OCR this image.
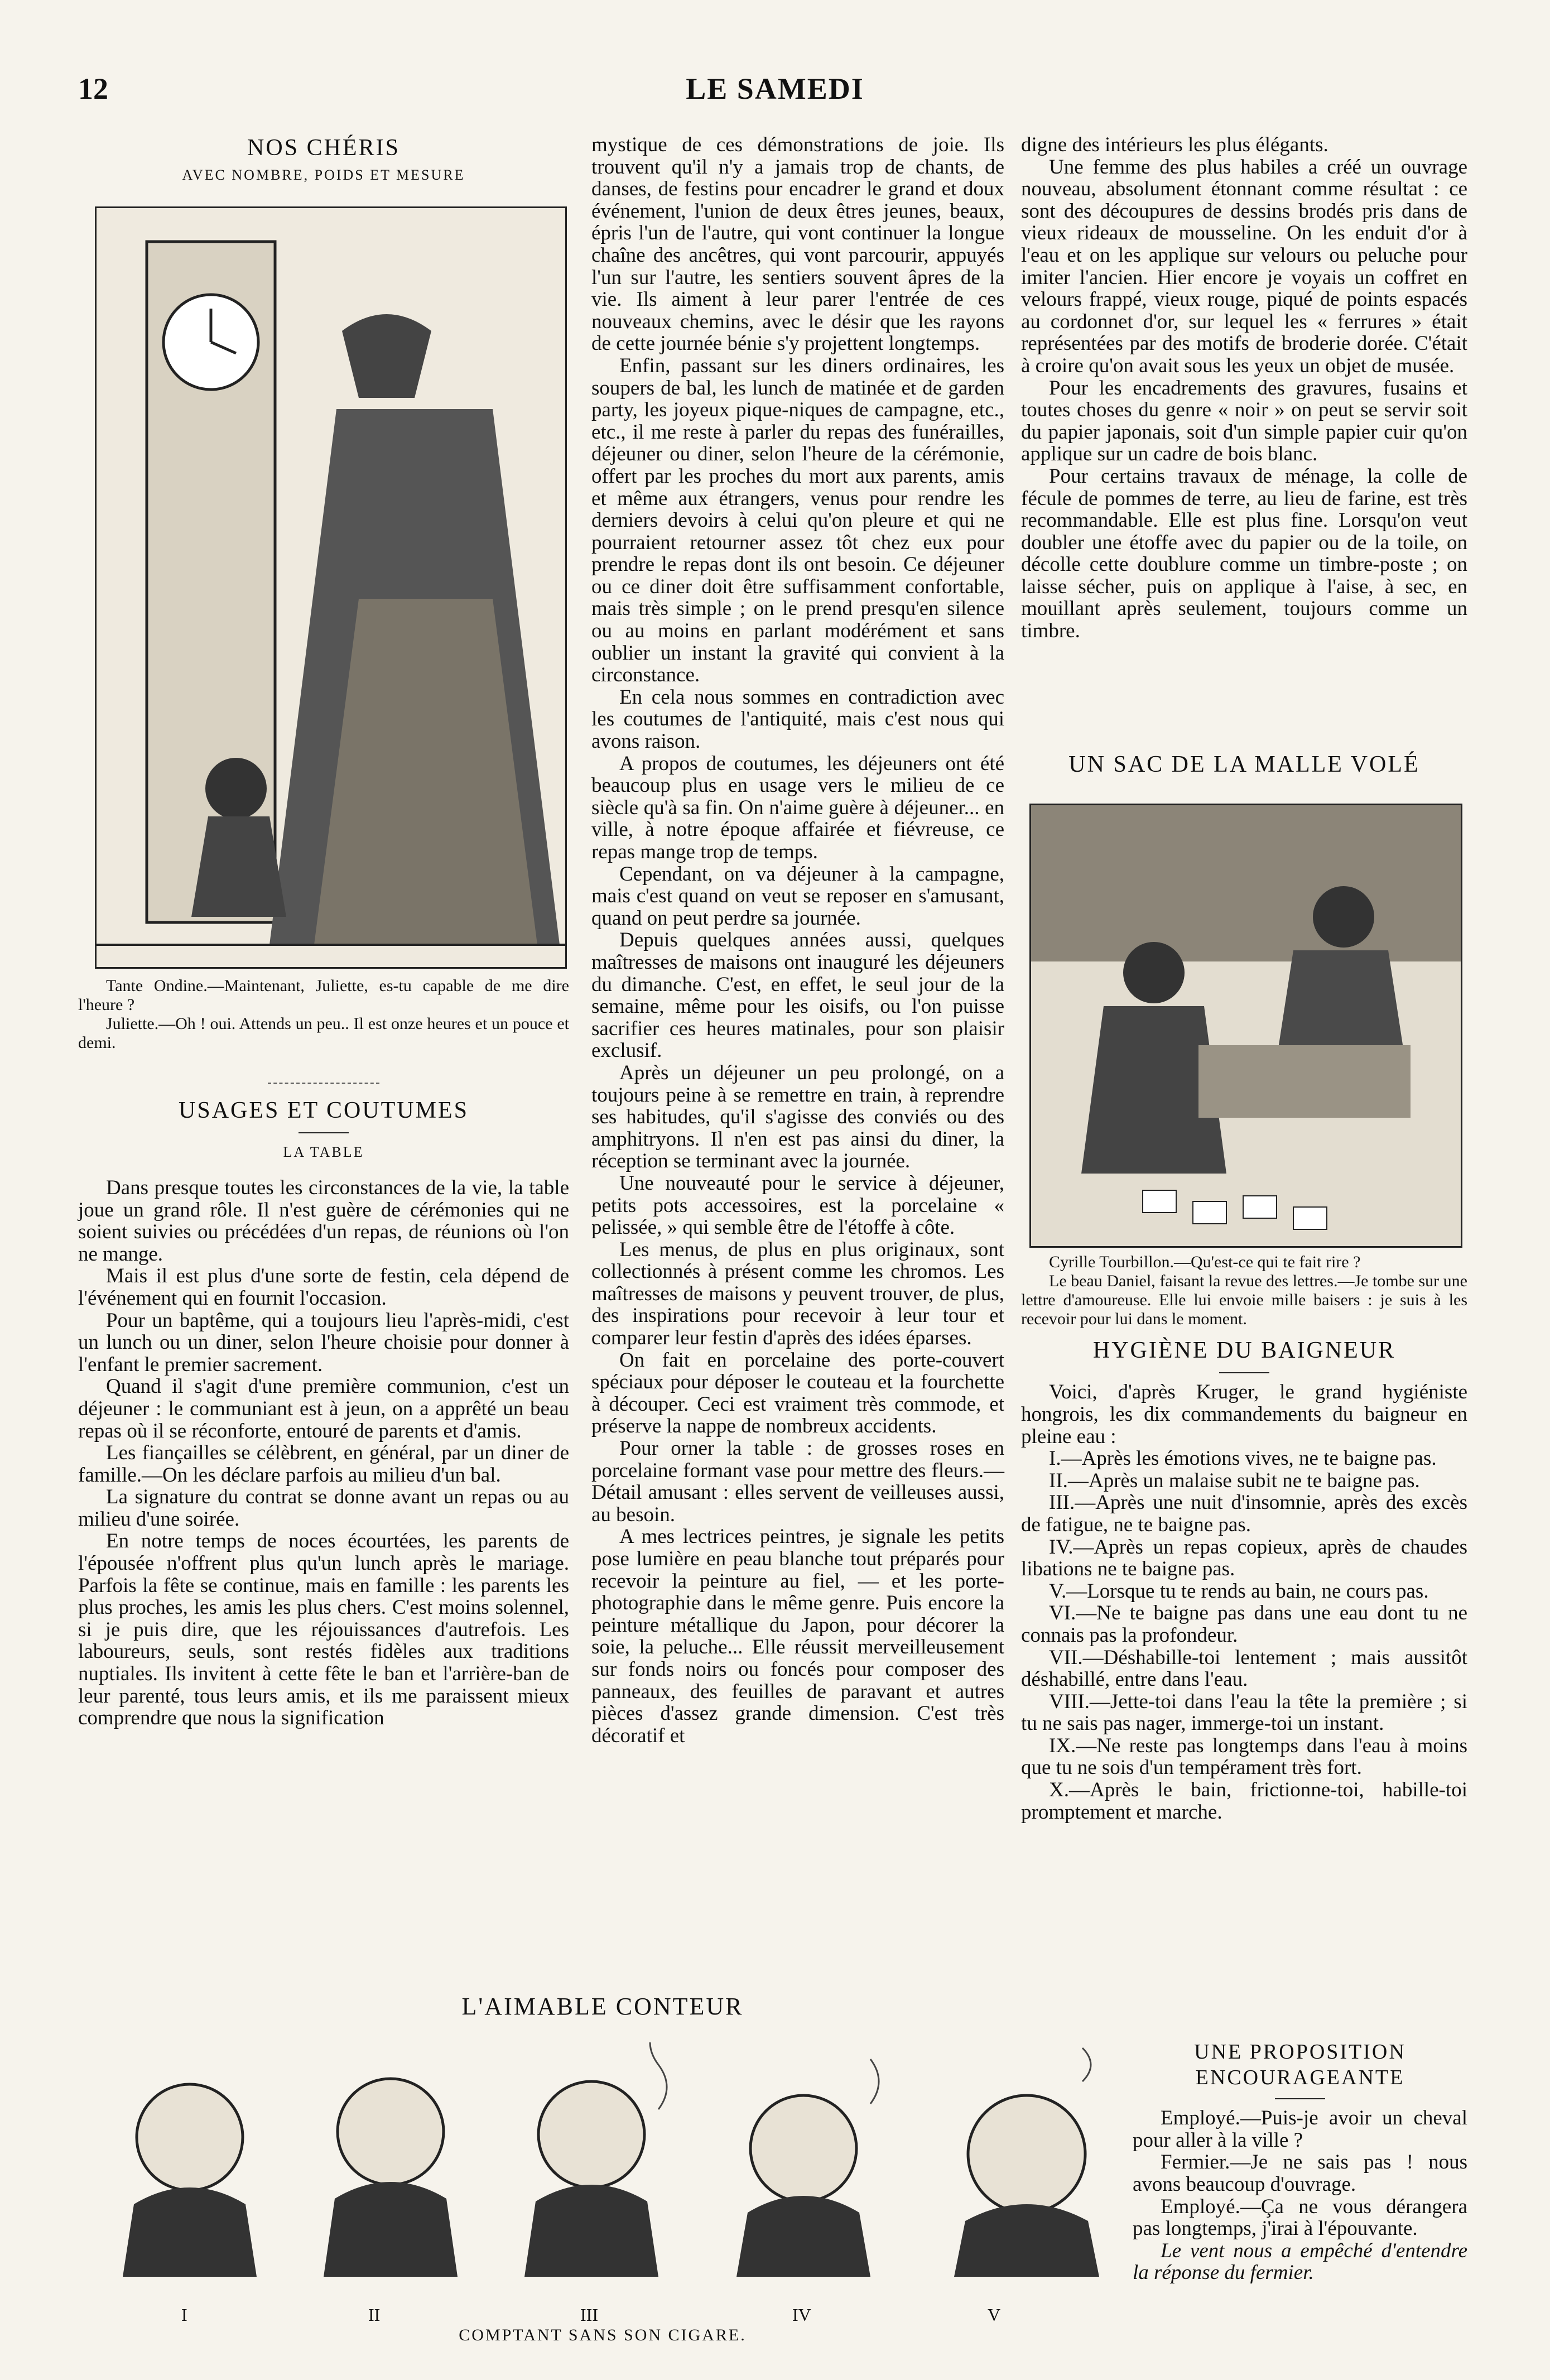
12	LE SAMEDI
NOS CHÉRIS
AVEC NOMBRE, POIDS ET MESURE

Tante Ondine.—Maintenant, Juliette, es-tu capable de me dire l'heure ?

Juliette.—Oh ! oui. Attends un peu.. Il est onze heures et un pouce et demi.

USAGES ET COUTUMES
LA TABLE

Dans presque toutes les circonstances de la vie, la table joue un grand rôle. Il n'est guère de cérémonies qui ne soient suivies ou précédées d'un repas, de réunions où l'on ne mange.

Mais il est plus d'une sorte de festin, cela dépend de l'événement qui en fournit l'occasion.

Pour un baptême, qui a toujours lieu l'après-midi, c'est un lunch ou un diner, selon l'heure choisie pour donner à l'enfant le premier sacrement.

Quand il s'agit d'une première communion, c'est un déjeuner : le communiant est à jeun, on a apprêté un beau repas où il se réconforte, entouré de parents et d'amis.

Les fiançailles se célèbrent, en général, par un diner de famille.—On les déclare parfois au milieu d'un bal.

La signature du contrat se donne avant un repas ou au milieu d'une soirée.

En notre temps de noces écourtées, les parents de l'épousée n'offrent plus qu'un lunch après le mariage. Parfois la fête se continue, mais en famille : les parents les plus proches, les amis les plus chers. C'est moins solennel, si je puis dire, que les réjouissances d'autrefois. Les laboureurs, seuls, sont restés fidèles aux traditions nuptiales. Ils invitent à cette fête le ban et l'arrière-ban de leur parenté, tous leurs amis, et ils me paraissent mieux comprendre que nous la signification

mystique de ces démonstrations de joie. Ils trouvent qu'il n'y a jamais trop de chants, de danses, de festins pour encadrer le grand et doux événement, l'union de deux êtres jeunes, beaux, épris l'un de l'autre, qui vont continuer la longue chaîne des ancêtres, qui vont parcourir, appuyés l'un sur l'autre, les sentiers souvent âpres de la vie. Ils aiment à leur parer l'entrée de ces nouveaux chemins, avec le désir que les rayons de cette journée bénie s'y projettent longtemps.

Enfin, passant sur les diners ordinaires, les soupers de bal, les lunch de matinée et de garden party, les joyeux pique-niques de campagne, etc., etc., il me reste à parler du repas des funérailles, déjeuner ou diner, selon l'heure de la cérémonie, offert par les proches du mort aux parents, amis et même aux étrangers, venus pour rendre les derniers devoirs à celui qu'on pleure et qui ne pourraient retourner assez tôt chez eux pour prendre le repas dont ils ont besoin. Ce déjeuner ou ce diner doit être suffisamment confortable, mais très simple ; on le prend presqu'en silence ou au moins en parlant modérément et sans oublier un instant la gravité qui convient à la circonstance.

En cela nous sommes en contradiction avec les coutumes de l'antiquité, mais c'est nous qui avons raison.

A propos de coutumes, les déjeuners ont été beaucoup plus en usage vers le milieu de ce siècle qu'à sa fin. On n'aime guère à déjeuner... en ville, à notre époque affairée et fiévreuse, ce repas mange trop de temps.

Cependant, on va déjeuner à la campagne, mais c'est quand on veut se reposer en s'amusant, quand on peut perdre sa journée.

Depuis quelques années aussi, quelques maîtresses de maisons ont inauguré les déjeuners du dimanche. C'est, en effet, le seul jour de la semaine, même pour les oisifs, ou l'on puisse sacrifier ces heures matinales, pour son plaisir exclusif.

Après un déjeuner un peu prolongé, on a toujours peine à se remettre en train, à reprendre ses habitudes, qu'il s'agisse des conviés ou des amphitryons. Il n'en est pas ainsi du diner, la réception se terminant avec la journée.

Une nouveauté pour le service à déjeuner, petits pots accessoires, est la porcelaine « pelissée, » qui semble être de l'étoffe à côte.

Les menus, de plus en plus originaux, sont collectionnés à présent comme les chromos. Les maîtresses de maisons y peuvent trouver, de plus, des inspirations pour recevoir à leur tour et comparer leur festin d'après des idées éparses.

On fait en porcelaine des porte-couvert spéciaux pour déposer le couteau et la fourchette à découper. Ceci est vraiment très commode, et préserve la nappe de nombreux accidents.

Pour orner la table : de grosses roses en porcelaine formant vase pour mettre des fleurs.—Détail amusant : elles servent de veilleuses aussi, au besoin.

A mes lectrices peintres, je signale les petits pose lumière en peau blanche tout préparés pour recevoir la peinture au fiel, — et les porte-photographie dans le même genre. Puis encore la peinture métallique du Japon, pour décorer la soie, la peluche... Elle réussit merveilleusement sur fonds noirs ou foncés pour composer des panneaux, des feuilles de paravant et autres pièces d'assez grande dimension. C'est très décoratif et

digne des intérieurs les plus élégants.

Une femme des plus habiles a créé un ouvrage nouveau, absolument étonnant comme résultat : ce sont des découpures de dessins brodés pris dans de vieux rideaux de mousseline. On les enduit d'or à l'eau et on les applique sur velours ou peluche pour imiter l'ancien. Hier encore je voyais un coffret en velours frappé, vieux rouge, piqué de points espacés au cordonnet d'or, sur lequel les « ferrures » était représentées par des motifs de broderie dorée. C'était à croire qu'on avait sous les yeux un objet de musée.

Pour les encadrements des gravures, fusains et toutes choses du genre « noir » on peut se servir soit du papier japonais, soit d'un simple papier cuir qu'on applique sur un cadre de bois blanc.

Pour certains travaux de ménage, la colle de fécule de pommes de terre, au lieu de farine, est très recommandable. Elle est plus fine. Lorsqu'on veut doubler une étoffe avec du papier ou de la toile, on décolle cette doublure comme un timbre-poste ; on laisse sécher, puis on applique à l'aise, à sec, en mouillant après seulement, toujours comme un timbre.

UN SAC DE LA MALLE VOLÉ

Cyrille Tourbillon.—Qu'est-ce qui te fait rire ?

Le beau Daniel, faisant la revue des lettres.—Je tombe sur une lettre d'amoureuse. Elle lui envoie mille baisers : je suis à les recevoir pour lui dans le moment.

HYGIÈNE DU BAIGNEUR

Voici, d'après Kruger, le grand hygiéniste hongrois, les dix commandements du baigneur en pleine eau :

I.—Après les émotions vives, ne te baigne pas.

II.—Après un malaise subit ne te baigne pas.

III.—Après une nuit d'insomnie, après des excès de fatigue, ne te baigne pas.

IV.—Après un repas copieux, après de chaudes libations ne te baigne pas.

V.—Lorsque tu te rends au bain, ne cours pas.

VI.—Ne te baigne pas dans une eau dont tu ne connais pas la profondeur.

VII.—Déshabille-toi lentement ; mais aussitôt déshabillé, entre dans l'eau.

VIII.—Jette-toi dans l'eau la tête la première ; si tu ne sais pas nager, immerge-toi un instant.

IX.—Ne reste pas longtemps dans l'eau à moins que tu ne sois d'un tempérament très fort.

X.—Après le bain, frictionne-toi, habille-toi promptement et marche.

L'AIMABLE CONTEUR
I	II	III	IV	V
COMPTANT SANS SON CIGARE.
UNE PROPOSITION ENCOURAGEANTE

Employé.—Puis-je avoir un cheval pour aller à la ville ?

Fermier.—Je ne sais pas ! nous avons beaucoup d'ouvrage.

Employé.—Ça ne vous dérangera pas longtemps, j'irai à l'épouvante.

Le vent nous a empêché d'entendre la réponse du fermier.
